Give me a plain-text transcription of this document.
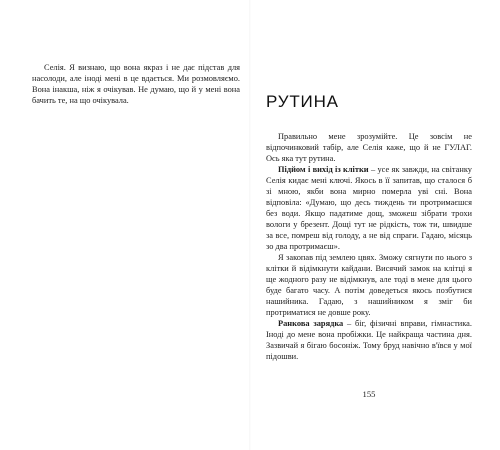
Селія. Я визнаю, що вона якраз і не дає підстав для насолоди, але іноді мені в це вдається. Ми розмовляємо. Вона інакша, ніж я очікував. Не думаю, що й у мені вона бачить те, на що очікувала.	РУТИНА

Правильно мене зрозумійте. Це зовсім не відпочинковий табір, але Селія каже, що й не ГУЛАГ. Ось яка тут рутина.

Підйом і вихід із клітки – усе як завжди, на світанку Селія кидає мені ключі. Якось в її запитав, що сталося б зі мною, якби вона мирно померла уві сні. Вона відповіла: «Думаю, що десь тиждень ти протримаєшся без води. Якщо падатиме дощ, зможеш зібрати трохи вологи у брезент. Дощі тут не рідкість, тож ти, швидше за все, помреш від голоду, а не від спраги. Гадаю, місяць зо два протримаєш».

Я закопав під землею цвях. Зможу сягнути по нього з клітки й відімкнути кайдани. Висячий замок на клітці я ще жодного разу не відімкнув, але тоді в мене для цього буде багато часу. А потім доведеться якось позбутися нашийника. Гадаю, з нашийником я зміг би протриматися не довше року.

Ранкова зарядка – біг, фізичні вправи, гімнастика. Іноді до мене вона пробіжки. Це найкраща частина дня. Зазвичай я бігаю босоніж. Тому бруд навічно в'ївся у мої підошви.

155
